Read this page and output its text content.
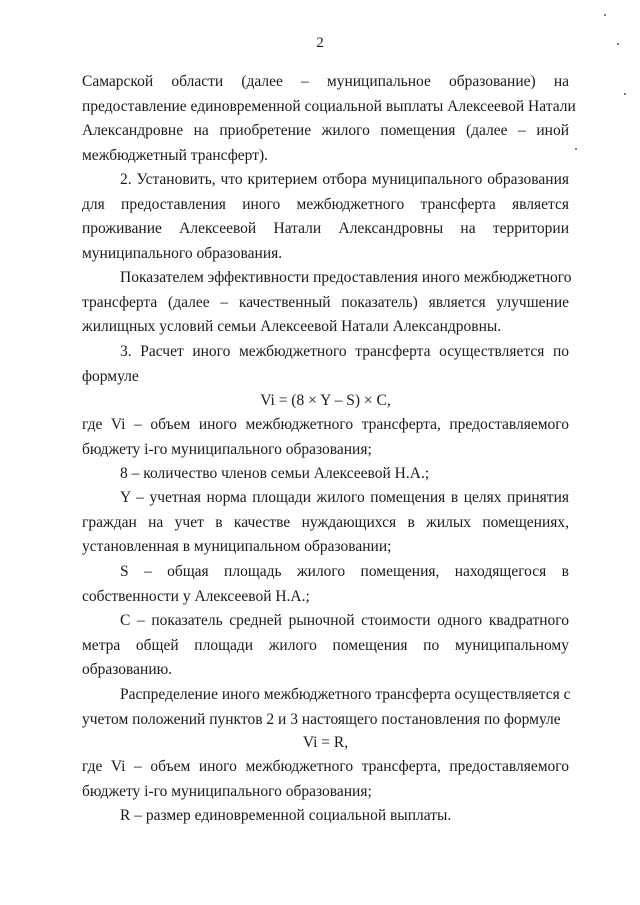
2
Самарской области (далее – муниципальное образование) на
предоставление единовременной социальной выплаты Алексеевой Натали
Александровне на приобретение жилого помещения (далее – иной
межбюджетный трансферт).
2. Установить, что критерием отбора муниципального образования
для предоставления иного межбюджетного трансферта является
проживание Алексеевой Натали Александровны на территории
муниципального образования.
Показателем эффективности предоставления иного межбюджетного
трансферта (далее – качественный показатель) является улучшение
жилищных условий семьи Алексеевой Натали Александровны.
3. Расчет иного межбюджетного трансферта осуществляется по
формуле
Vi = (8 × Y – S) × C,
где Vi – объем иного межбюджетного трансферта, предоставляемого
бюджету i-го муниципального образования;
8 – количество членов семьи Алексеевой Н.А.;
Y – учетная норма площади жилого помещения в целях принятия
граждан на учет в качестве нуждающихся в жилых помещениях,
установленная в муниципальном образовании;
S – общая площадь жилого помещения, находящегося в
собственности у Алексеевой Н.А.;
С – показатель средней рыночной стоимости одного квадратного
метра общей площади жилого помещения по муниципальному
образованию.
Распределение иного межбюджетного трансферта осуществляется с
учетом положений пунктов 2 и 3 настоящего постановления по формуле
Vi = R,
где Vi – объем иного межбюджетного трансферта, предоставляемого
бюджету i-го муниципального образования;
R – размер единовременной социальной выплаты.
